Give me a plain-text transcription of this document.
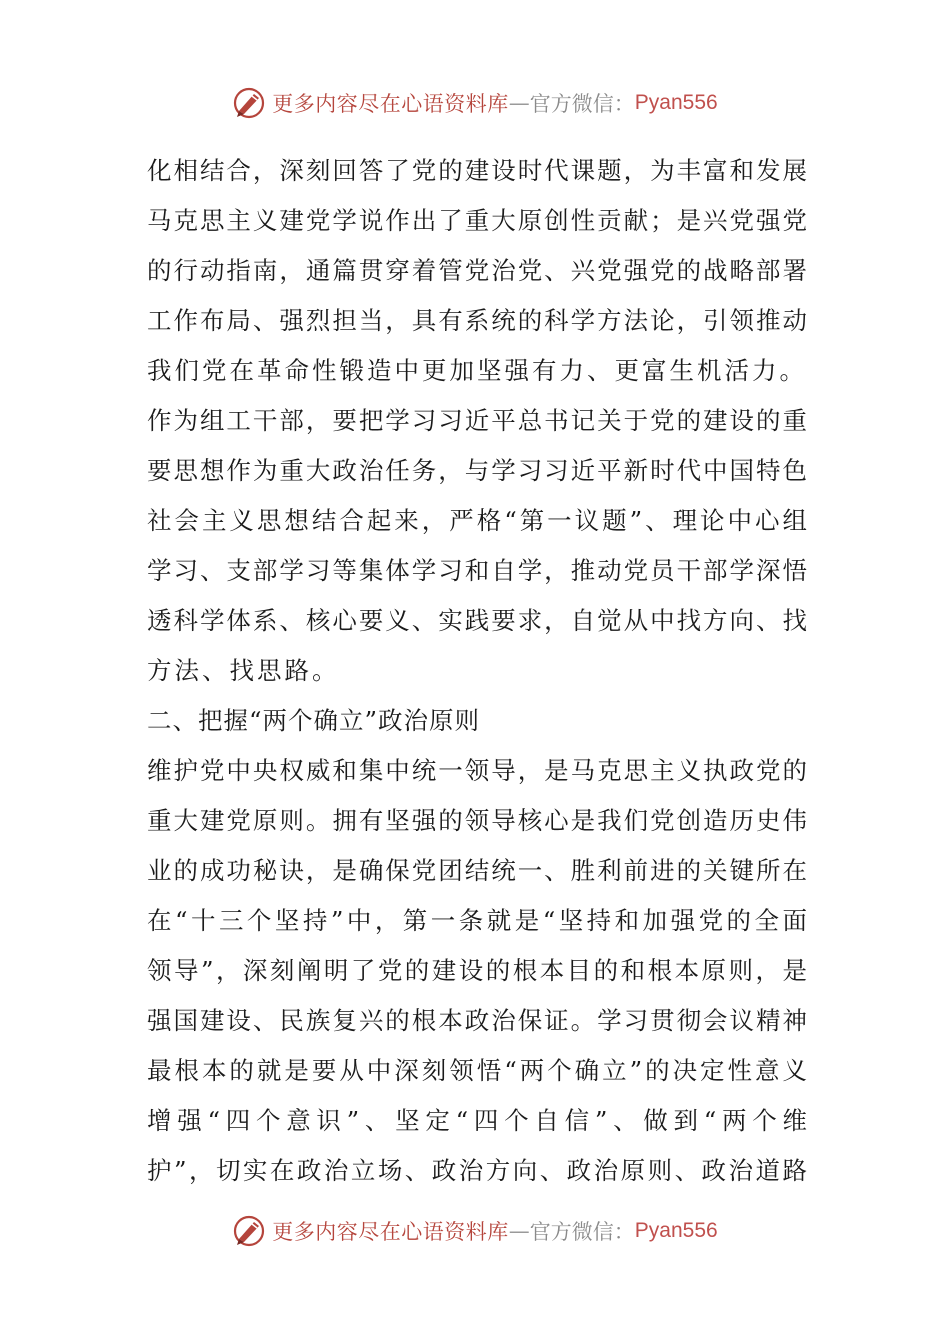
更多内容尽在心语资料库 — 官方微信： Pyan556
化相结合，深刻回答了党的建设时代课题，为丰富和发展
马克思主义建党学说作出了重大原创性贡献；是兴党强党
的行动指南，通篇贯穿着管党治党、兴党强党的战略部署
工作布局、强烈担当，具有系统的科学方法论，引领推动
我们党在革命性锻造中更加坚强有力、更富生机活力。
作为组工干部，要把学习习近平总书记关于党的建设的重
要思想作为重大政治任务，与学习习近平新时代中国特色
社会主义思想结合起来，严格“第一议题”、理论中心组
学习、支部学习等集体学习和自学，推动党员干部学深悟
透科学体系、核心要义、实践要求，自觉从中找方向、找
方法、找思路。
二、把握“两个确立”政治原则
维护党中央权威和集中统一领导，是马克思主义执政党的
重大建党原则。拥有坚强的领导核心是我们党创造历史伟
业的成功秘诀，是确保党团结统一、胜利前进的关键所在
在“十三个坚持”中，第一条就是“坚持和加强党的全面
领导”，深刻阐明了党的建设的根本目的和根本原则，是
强国建设、民族复兴的根本政治保证。学习贯彻会议精神
最根本的就是要从中深刻领悟“两个确立”的决定性意义
增强“四个意识”、坚定“四个自信”、做到“两个维
护”，切实在政治立场、政治方向、政治原则、政治道路
更多内容尽在心语资料库 — 官方微信： Pyan556
